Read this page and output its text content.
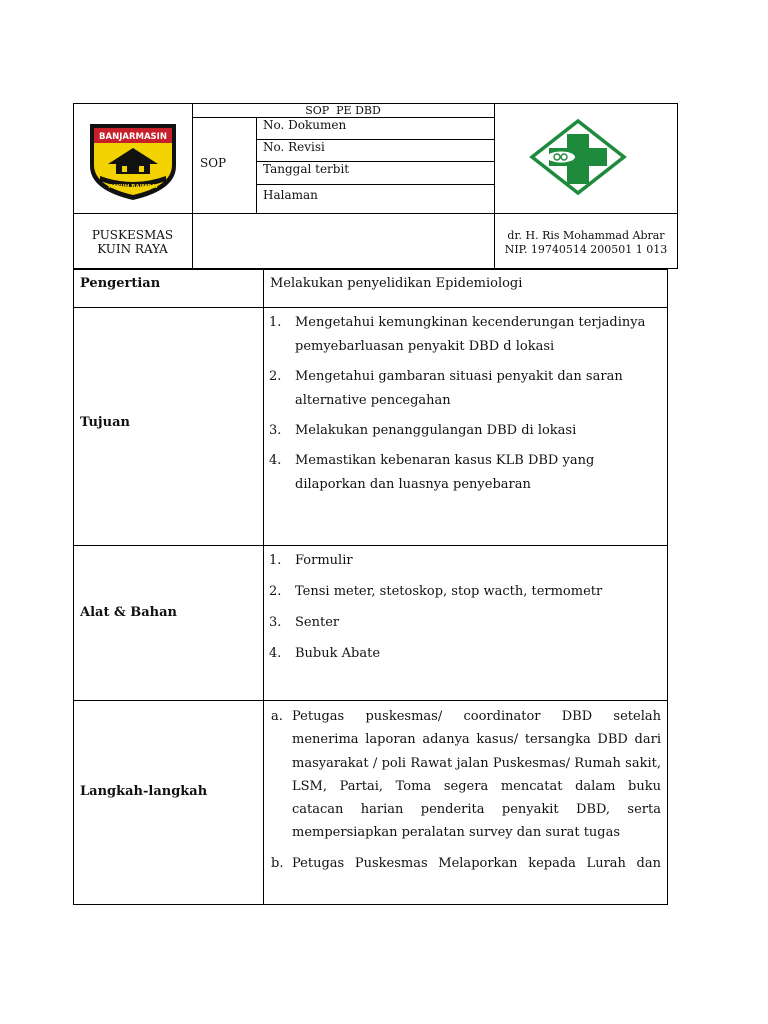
SOP  PE DBD
SOP
No. Dokumen
No. Revisi
Tanggal terbit
Halaman
PUSKESMAS
KUIN RAYA
dr. H. Ris Mohammad Abrar
NIP. 19740514 200501 1 013
BANJARMASIN
KAYUH BAIMBAI
Pengertian	Melakukan penyelidikan Epidemiologi
Tujuan
1. Mengetahui kemungkinan kecenderungan terjadinya pemyebarluasan penyakit DBD d lokasi
2. Mengetahui gambaran situasi penyakit dan saran alternative pencegahan
3. Melakukan penanggulangan DBD di lokasi
4. Memastikan kebenaran kasus KLB DBD yang dilaporkan dan luasnya penyebaran
Alat & Bahan
1. Formulir
2. Tensi meter, stetoskop, stop wacth, termometr
3. Senter
4. Bubuk Abate
Langkah-langkah
a. Petugas puskesmas/ coordinator DBD setelah menerima laporan adanya kasus/ tersangka DBD dari masyarakat / poli Rawat jalan Puskesmas/ Rumah sakit, LSM, Partai, Toma segera mencatat dalam buku catacan harian penderita penyakit DBD, serta mempersiapkan peralatan survey dan surat tugas
b. Petugas Puskesmas Melaporkan kepada Lurah dan
